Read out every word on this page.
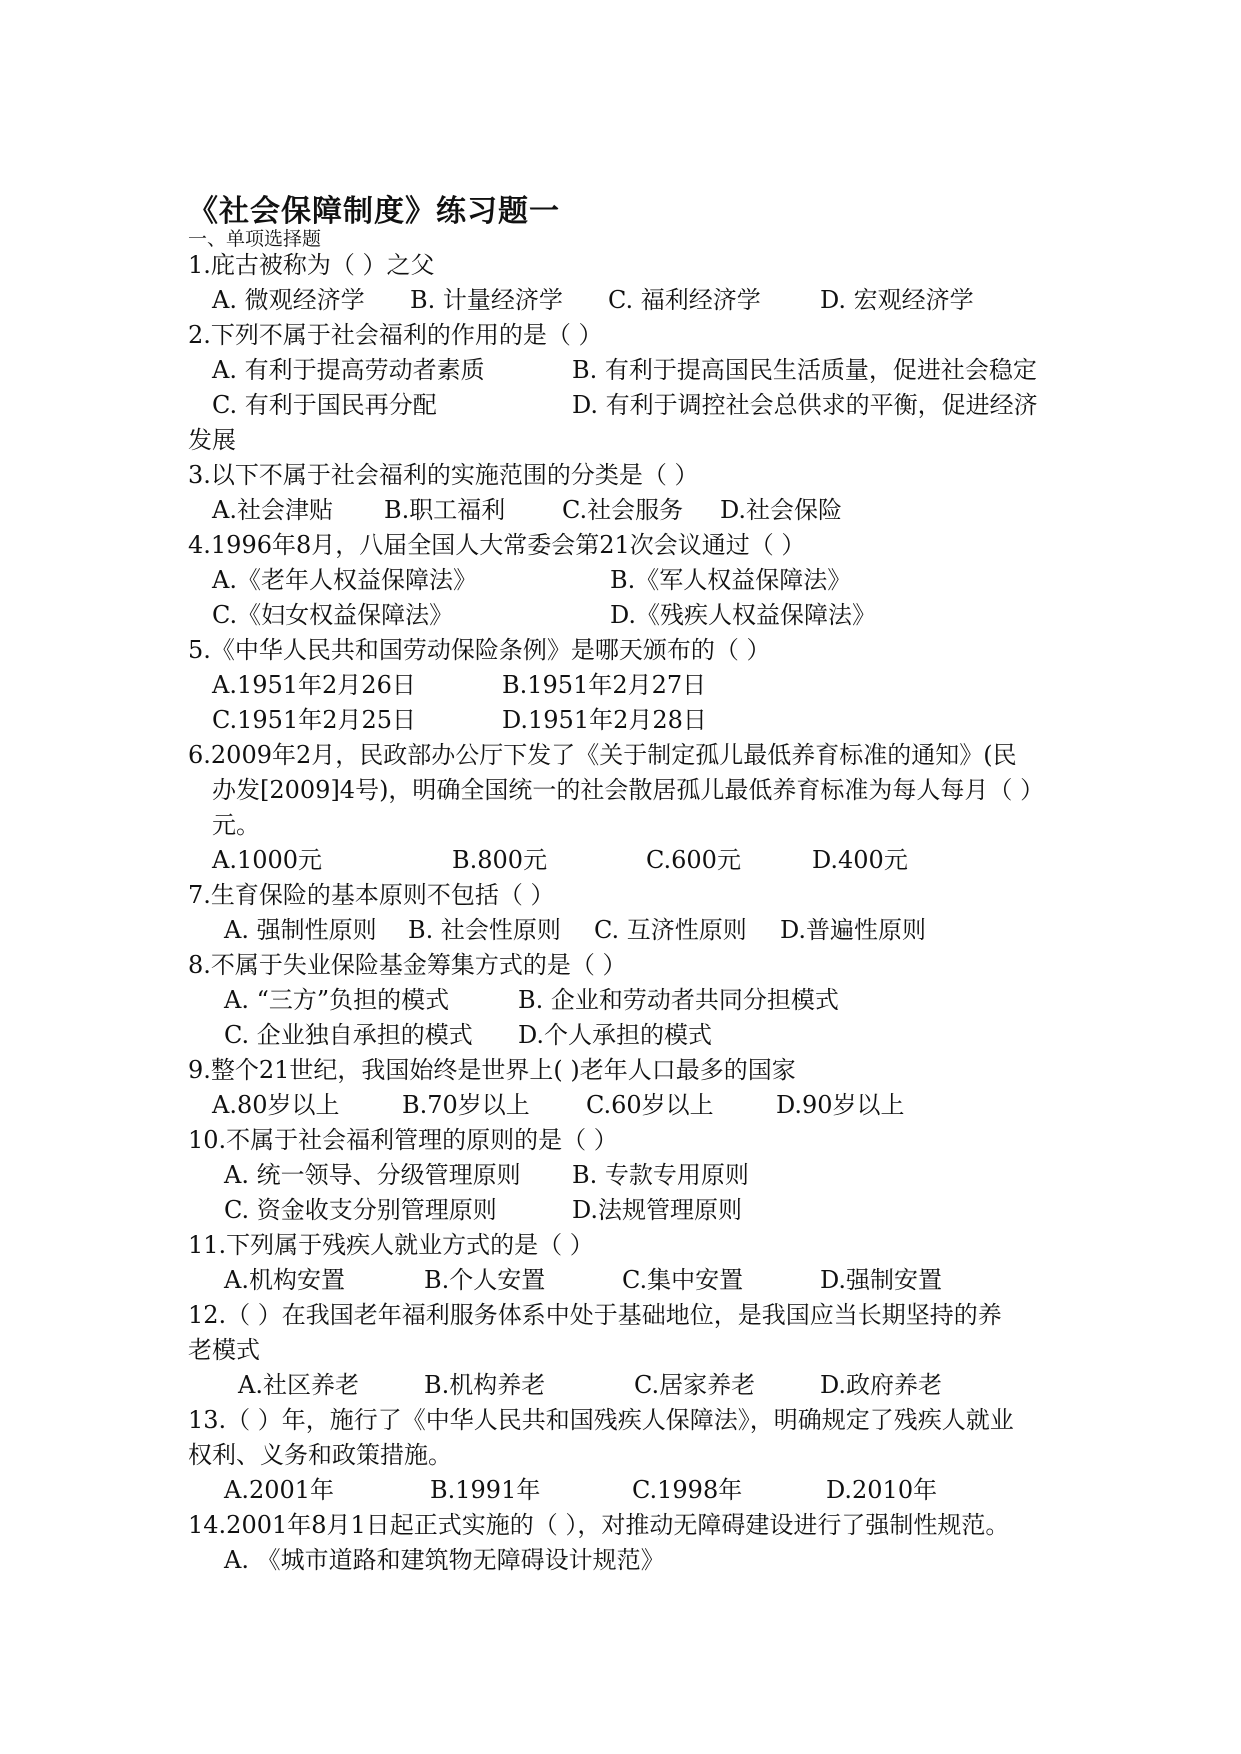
《社会保障制度》练习题一
一、单项选择题
1.庇古被称为（ ）之父
A. 微观经济学 B. 计量经济学 C. 福利经济学 D. 宏观经济学
2.下列不属于社会福利的作用的是（ ）
A. 有利于提高劳动者素质	B. 有利于提高国民生活质量，促进社会稳定
C. 有利于国民再分配	D. 有利于调控社会总供求的平衡，促进经济
发展
3.以下不属于社会福利的实施范围的分类是（ ）
A.社会津贴 B.职工福利 C.社会服务 D.社会保险
4.1996年8月，八届全国人大常委会第21次会议通过（ ）
A.《老年人权益保障法》	B.《军人权益保障法》
C.《妇女权益保障法》	D.《残疾人权益保障法》
5.《中华人民共和国劳动保险条例》是哪天颁布的（ ）
A.1951年2月26日	B.1951年2月27日
C.1951年2月25日	D.1951年2月28日
6.2009年2月，民政部办公厅下发了《关于制定孤儿最低养育标准的通知》(民
办发[2009]4号)，明确全国统一的社会散居孤儿最低养育标准为每人每月（ ）
元。
A.1000元	B.800元	C.600元	D.400元
7.生育保险的基本原则不包括（ ）
A. 强制性原则 B. 社会性原则 C. 互济性原则 D.普遍性原则
8.不属于失业保险基金筹集方式的是（ ）
A. “三方”负担的模式	B. 企业和劳动者共同分担模式
C. 企业独自承担的模式 D.个人承担的模式
9.整个21世纪，我国始终是世界上( )老年人口最多的国家
A.80岁以上	B.70岁以上 C.60岁以上	D.90岁以上
10.不属于社会福利管理的原则的是（ ）
A. 统一领导、分级管理原则 B. 专款专用原则
C. 资金收支分别管理原则	D.法规管理原则
11.下列属于残疾人就业方式的是（ ）
A.机构安置	B.个人安置	C.集中安置	D.强制安置
12.（ ）在我国老年福利服务体系中处于基础地位，是我国应当长期坚持的养
老模式
A.社区养老	B.机构养老	C.居家养老	D.政府养老
13.（ ）年，施行了《中华人民共和国残疾人保障法》，明确规定了残疾人就业
权利、义务和政策措施。
A.2001年	B.1991年	C.1998年	D.2010年
14.2001年8月1日起正式实施的（ ），对推动无障碍建设进行了强制性规范。
A. 《城市道路和建筑物无障碍设计规范》
